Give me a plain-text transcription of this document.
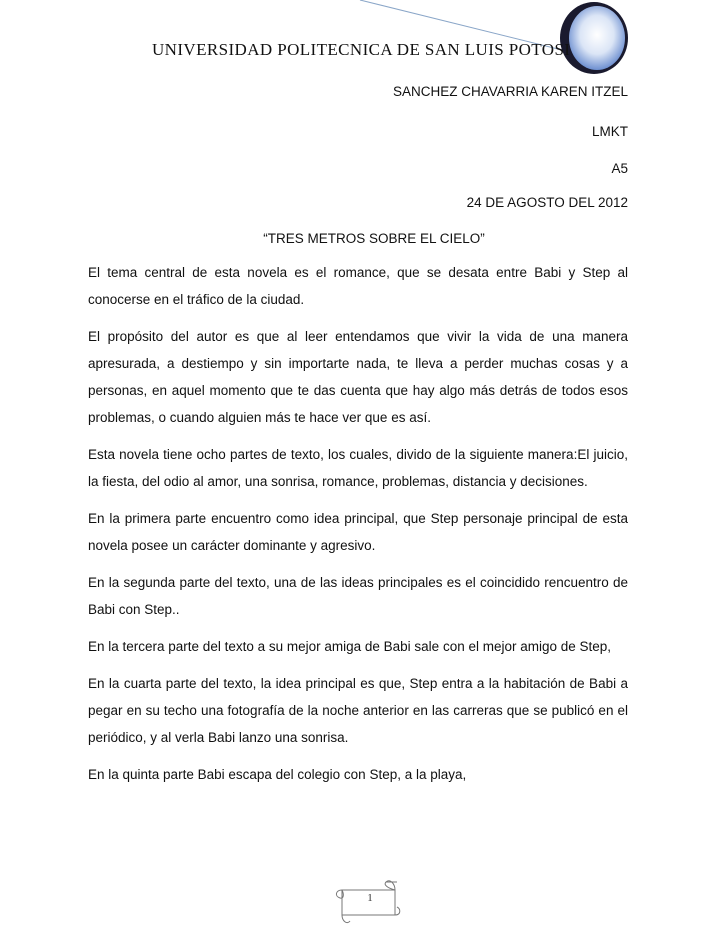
UNIVERSIDAD POLITECNICA DE SAN LUIS POTOSI
SANCHEZ CHAVARRIA KAREN ITZEL
LMKT
A5
24 DE AGOSTO DEL 2012
“TRES METROS SOBRE EL CIELO”

El tema central de esta novela es el romance, que se desata entre Babi y Step al conocerse en el tráfico de la ciudad.

El propósito del autor es que al leer entendamos que vivir la vida de una manera apresurada, a destiempo y sin importarte nada, te lleva a perder muchas cosas y a personas, en aquel momento que te das cuenta que hay algo más detrás de todos esos problemas, o cuando alguien más te hace ver que es así.

Esta novela tiene ocho partes de texto, los cuales, divido de la siguiente manera:El juicio, la fiesta, del odio al amor, una sonrisa, romance, problemas, distancia y decisiones.

En la primera parte encuentro como idea principal, que Step personaje principal de esta novela posee un carácter dominante y agresivo.

En la segunda parte del texto, una de las ideas principales es el coincidido rencuentro de Babi con Step..

En la tercera parte del texto a su mejor amiga de Babi sale con el mejor amigo de Step,

En la cuarta parte del texto, la idea principal es que, Step entra a la habitación de Babi a pegar en su techo una fotografía de la noche anterior en las carreras que se publicó en el periódico, y al verla Babi lanzo una sonrisa.

En la quinta parte Babi escapa del colegio con Step, a la playa,

1
